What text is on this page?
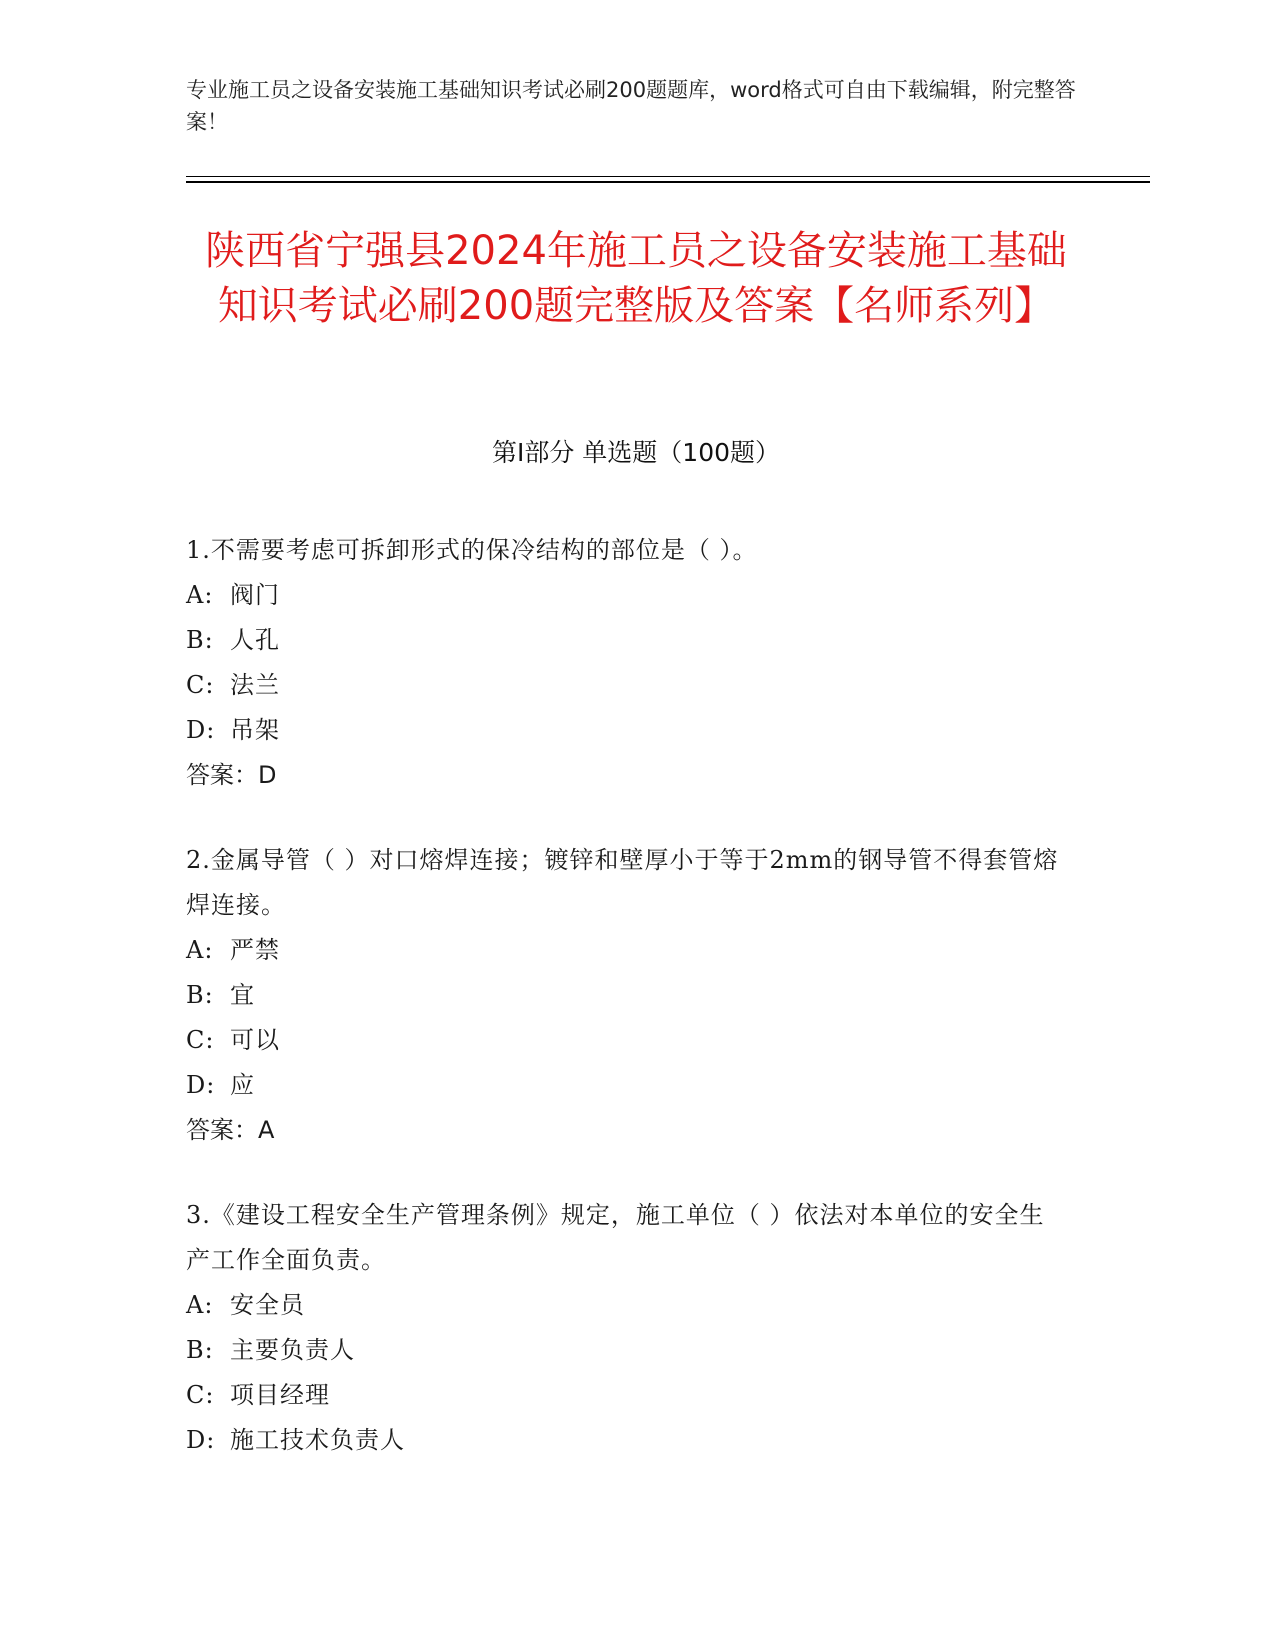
专业施工员之设备安装施工基础知识考试必刷200题题库，word格式可自由下载编辑，附完整答案！
陕西省宁强县2024年施工员之设备安装施工基础知识考试必刷200题完整版及答案【名师系列】
第I部分 单选题（100题）
1.不需要考虑可拆卸形式的保冷结构的部位是（ ）。
A: 阀门
B: 人孔
C: 法兰
D: 吊架
答案：D
2.金属导管（ ）对口熔焊连接；镀锌和壁厚小于等于2mm的钢导管不得套管熔焊连接。
A: 严禁
B: 宜
C: 可以
D: 应
答案：A
3.《建设工程安全生产管理条例》规定，施工单位（ ）依法对本单位的安全生产工作全面负责。
A: 安全员
B: 主要负责人
C: 项目经理
D: 施工技术负责人
